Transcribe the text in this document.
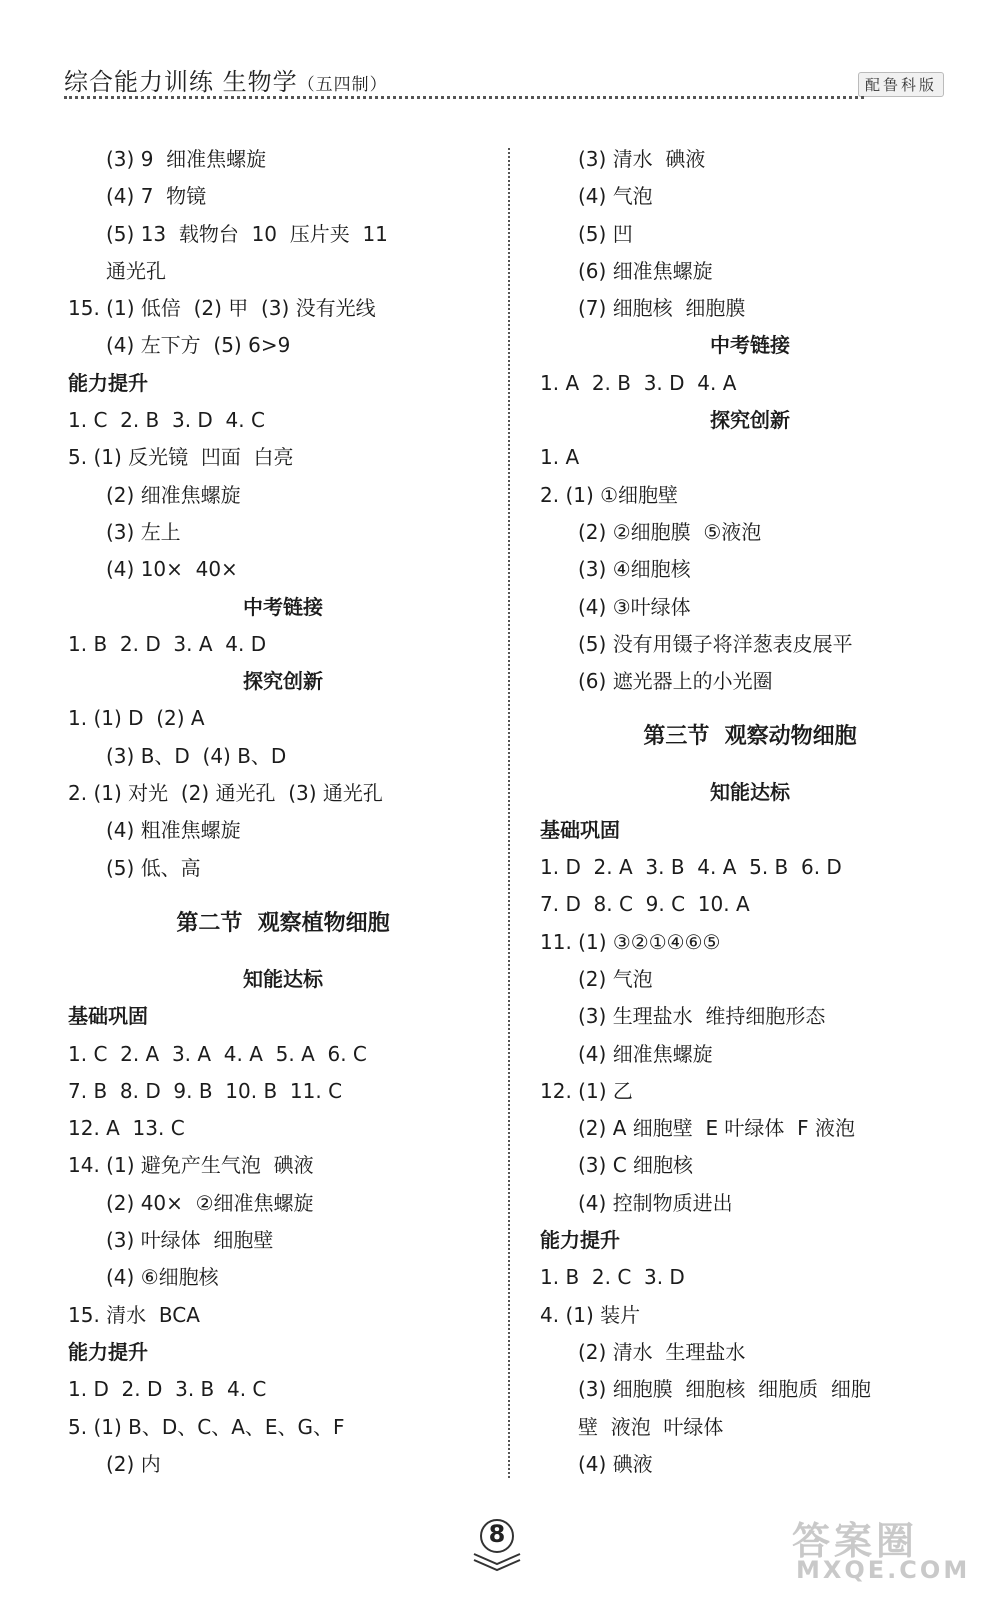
综合能力训练 生物学（五四制）	配鲁科版
(3) 9  细准焦螺旋
(4) 7  物镜
(5) 13  载物台  10  压片夹  11
通光孔
15. (1) 低倍  (2) 甲  (3) 没有光线
(4) 左下方  (5) 6>9
能力提升
1. C  2. B  3. D  4. C
5. (1) 反光镜  凹面  白亮
(2) 细准焦螺旋
(3) 左上
(4) 10×  40×
中考链接
1. B  2. D  3. A  4. D
探究创新
1. (1) D  (2) A
(3) B、D  (4) B、D
2. (1) 对光  (2) 通光孔  (3) 通光孔
(4) 粗准焦螺旋
(5) 低、高
第二节  观察植物细胞
知能达标
基础巩固
1. C  2. A  3. A  4. A  5. A  6. C
7. B  8. D  9. B  10. B  11. C
12. A  13. C
14. (1) 避免产生气泡  碘液
(2) 40×  ②细准焦螺旋
(3) 叶绿体  细胞壁
(4) ⑥细胞核
15. 清水  BCA
能力提升
1. D  2. D  3. B  4. C
5. (1) B、D、C、A、E、G、F
(2) 内
(3) 清水  碘液
(4) 气泡
(5) 凹
(6) 细准焦螺旋
(7) 细胞核  细胞膜
中考链接
1. A  2. B  3. D  4. A
探究创新
1. A
2. (1) ①细胞壁
(2) ②细胞膜  ⑤液泡
(3) ④细胞核
(4) ③叶绿体
(5) 没有用镊子将洋葱表皮展平
(6) 遮光器上的小光圈
第三节  观察动物细胞
知能达标
基础巩固
1. D  2. A  3. B  4. A  5. B  6. D
7. D  8. C  9. C  10. A
11. (1) ③②①④⑥⑤
(2) 气泡
(3) 生理盐水  维持细胞形态
(4) 细准焦螺旋
12. (1) 乙
(2) A 细胞壁  E 叶绿体  F 液泡
(3) C 细胞核
(4) 控制物质进出
能力提升
1. B  2. C  3. D
4. (1) 装片
(2) 清水  生理盐水
(3) 细胞膜  细胞核  细胞质  细胞
壁  液泡  叶绿体
(4) 碘液
8	答案圈
MXQE.COM
